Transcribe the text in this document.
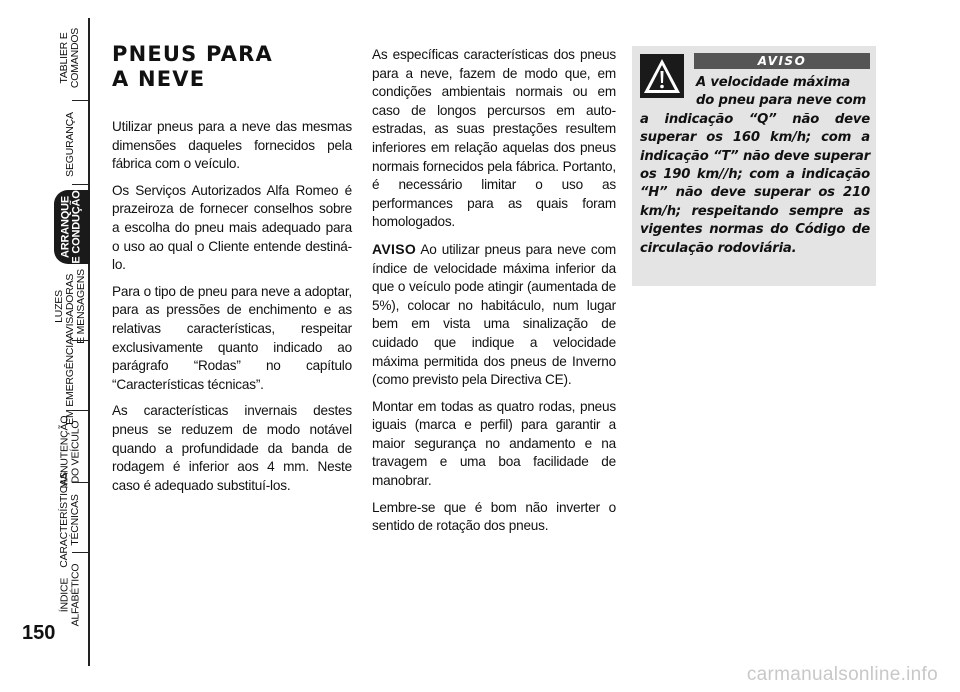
TABLIER E
COMANDOS
SEGURANÇA
ARRANQUE
E CONDUÇÃO
LUZES
AVISADORAS
E MENSAGENS
EM EMERGÊNCIA
MANUTENÇÃO
DO VEÍCULO
CARACTERÍSTICAS
TÉCNICAS
ÍNDICE
ALFABÉTICO
150
PNEUS PARA
A NEVE

Utilizar pneus para a neve das mesmas dimensões daqueles fornecidos pela fábrica com o veículo.

Os Serviços Autorizados Alfa Romeo é prazeiroza de fornecer conselhos sobre a escolha do pneu mais adequado para o uso ao qual o Cliente entende destiná-lo.

Para o tipo de pneu para neve a adoptar, para as pressões de enchimento e as relativas características, respeitar exclusivamente quanto indicado ao parágrafo “Rodas” no capítulo “Características técnicas”.

As características invernais destes pneus se reduzem de modo notável quando a profundidade da banda de rodagem é inferior aos 4 mm. Neste caso é adequado substituí-los.

As específicas características dos pneus para a neve, fazem de modo que, em condições ambientais normais ou em caso de longos percursos em auto-estradas, as suas prestações resultem inferiores em relação aquelas dos pneus normais fornecidos pela fábrica. Portanto, é necessário limitar o uso as performances para as quais foram homologados.

AVISO Ao utilizar pneus para neve com índice de velocidade máxima inferior da que o veículo pode atingir (aumentada de 5%), colocar no habitáculo, num lugar bem em vista uma sinalização de cuidado que indique a velocidade máxima permitida dos pneus de Inverno (como previsto pela Directiva CE).

Montar em todas as quatro rodas, pneus iguais (marca e perfil) para garantir a maior segurança no andamento e na travagem e uma boa facilidade de manobrar.

Lembre-se que é bom não inverter o sentido de rotação dos pneus.

AVISO
A velocidade máxima
do pneu para neve com
a indicação “Q” não deve superar os 160 km/h; com a indicação “T” não deve superar os 190 km//h; com a indicação “H” não deve superar os 210 km/h; respeitando sempre as vigentes normas do Código de circulação rodoviária.
carmanualsonline.info
